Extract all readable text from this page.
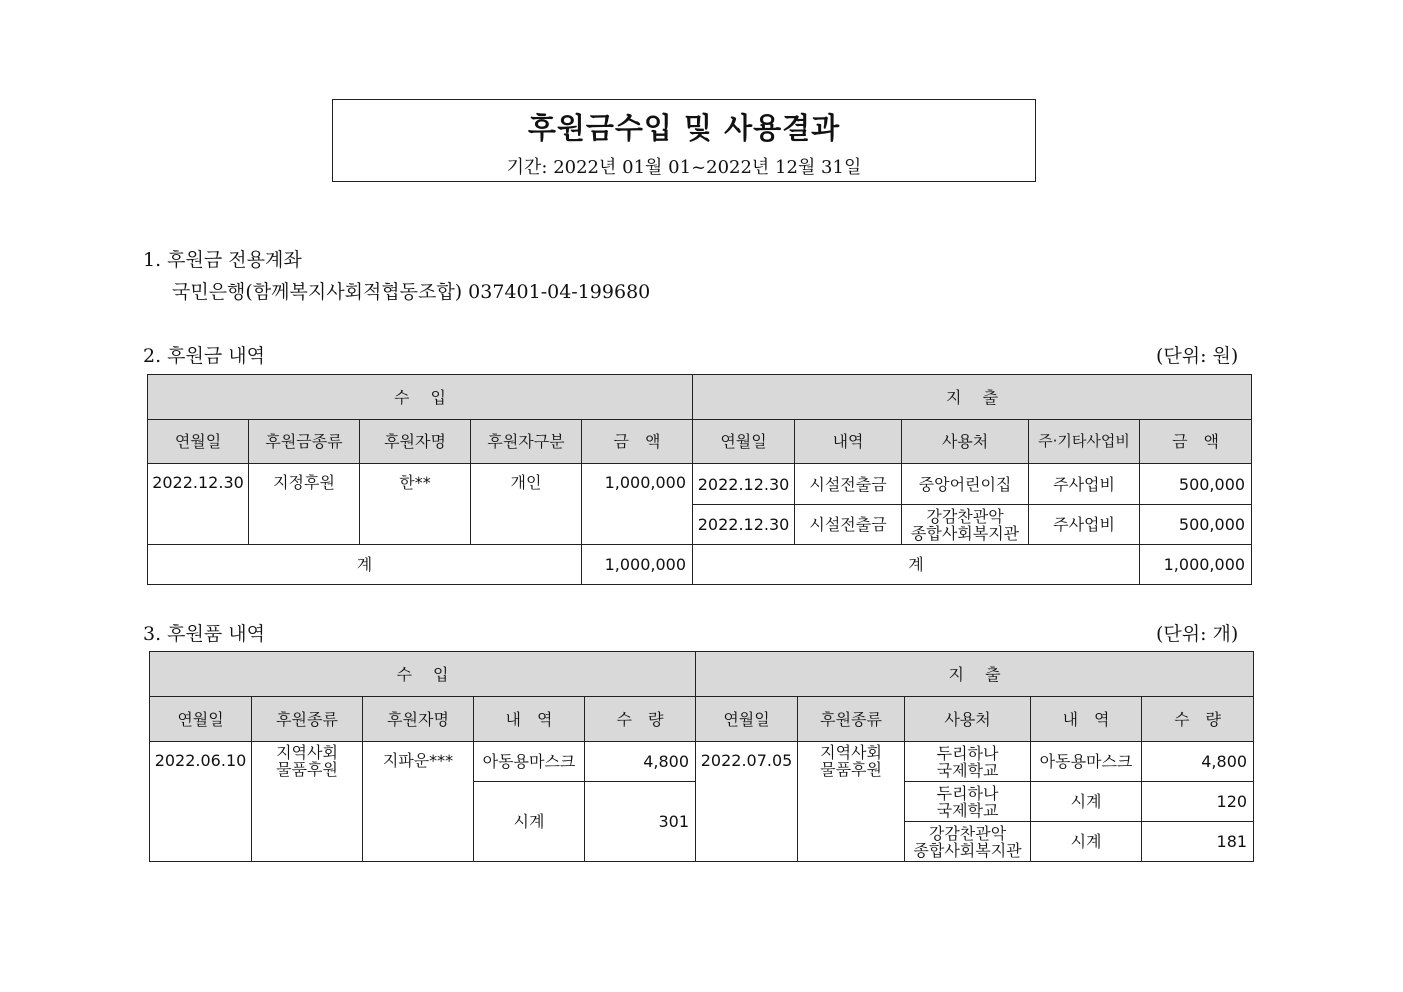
후원금수입 및 사용결과
기간: 2022년 01월 01~2022년 12월 31일
1. 후원금 전용계좌
국민은행(함께복지사회적협동조합) 037401-04-199680
2. 후원금 내역	(단위: 원)
수　 입					지　 출				
연월일	후원금종류	후원자명	후원자구분	금　액	연월일	내역	사용처	주·기타사업비	금　액
2022.12.30	지정후원	한**	개인	1,000,000	2022.12.30	시설전출금	중앙어린이집	주사업비	500,000
					2022.12.30	시설전출금	강감찬관악
종합사회복지관	주사업비	500,000
계				1,000,000	계				1,000,000
3. 후원품 내역	(단위: 개)
수　 입					지　 출				
연월일	후원종류	후원자명	내　역	수　량	연월일	후원종류	사용처	내　역	수　량
2022.06.10	지역사회
물품후원	지파운***	아동용마스크	4,800	2022.07.05	지역사회
물품후원	두리하나
국제학교	아동용마스크	4,800
			시계	301			두리하나
국제학교	시계	120

							강감찬관악
종합사회복지관	시계	181
